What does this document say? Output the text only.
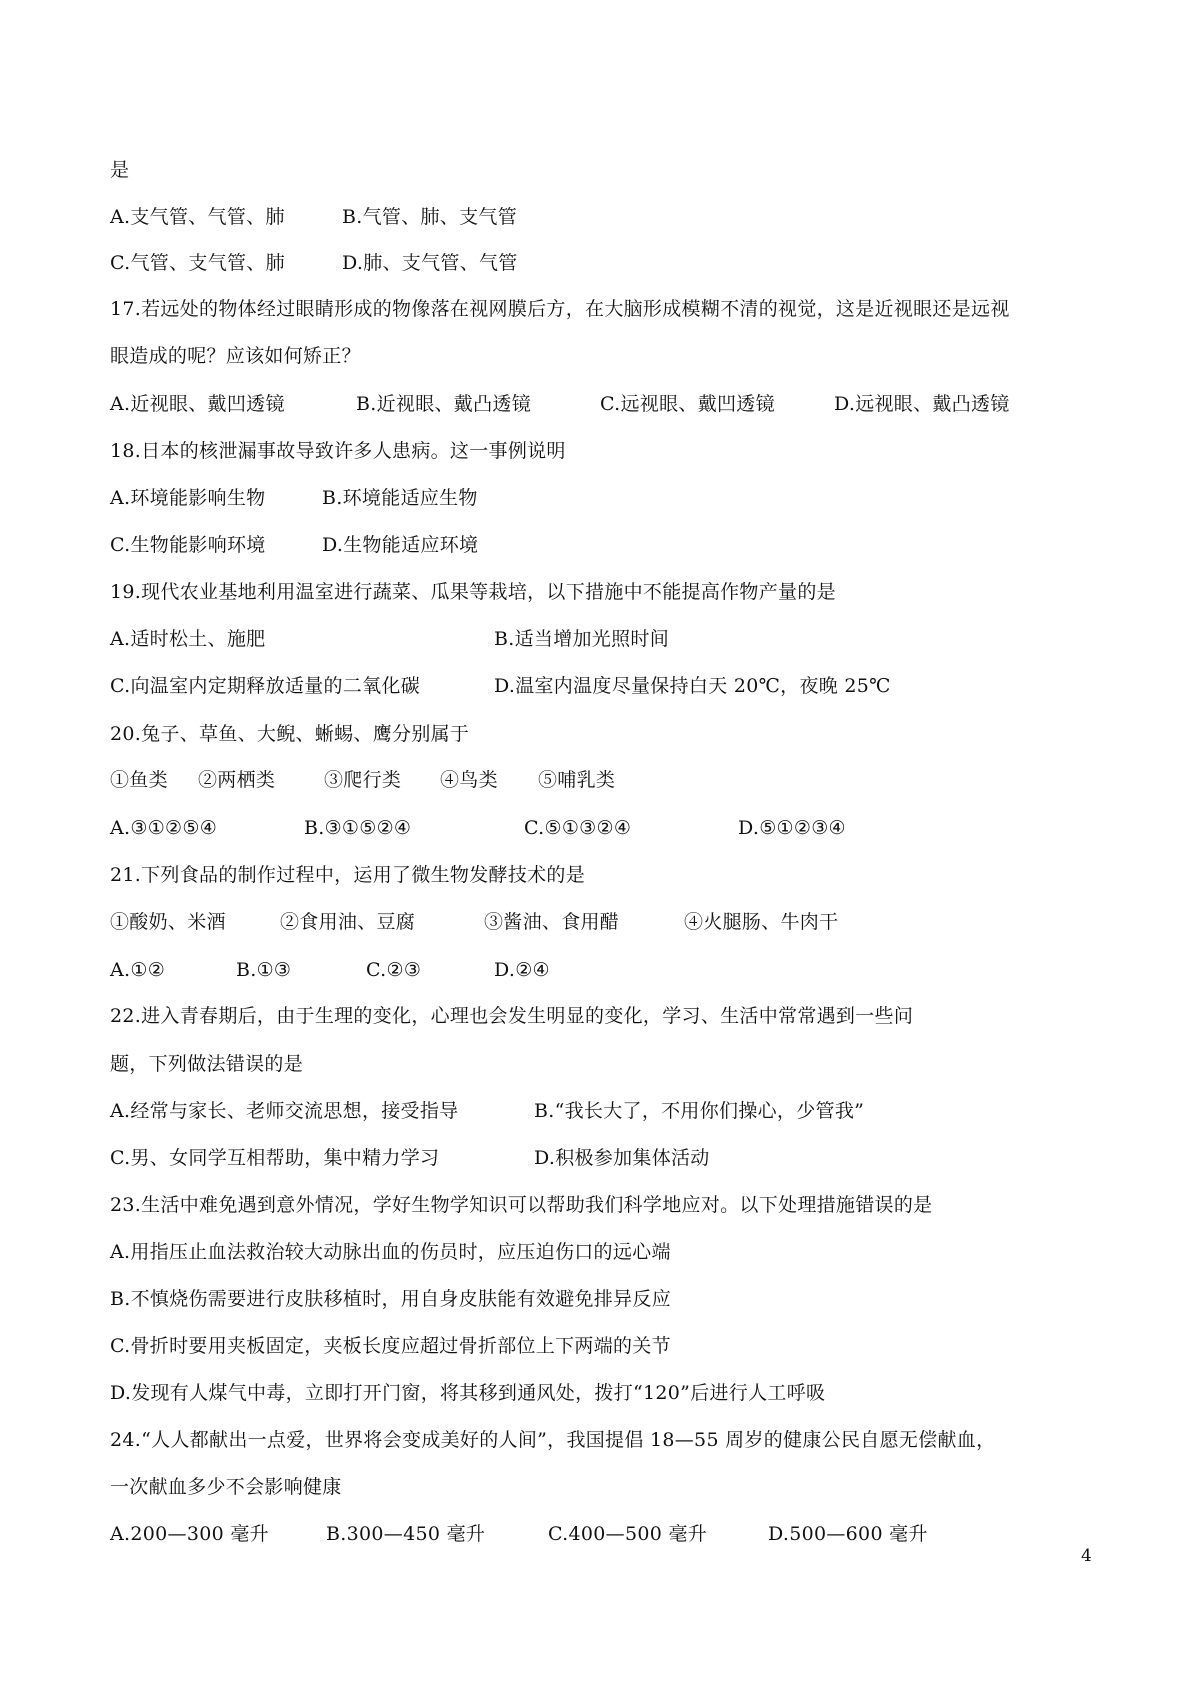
是
A.支气管、气管、肺	B.气管、肺、支气管
C.气管、支气管、肺	D.肺、支气管、气管
17.若远处的物体经过眼睛形成的物像落在视网膜后方，在大脑形成模糊不清的视觉，这是近视眼还是远视
眼造成的呢？应该如何矫正？
A.近视眼、戴凹透镜	B.近视眼、戴凸透镜	C.远视眼、戴凹透镜	D.远视眼、戴凸透镜
18.日本的核泄漏事故导致许多人患病。这一事例说明
A.环境能影响生物	B.环境能适应生物
C.生物能影响环境	D.生物能适应环境
19.现代农业基地利用温室进行蔬菜、瓜果等栽培，以下措施中不能提高作物产量的是
A.适时松土、施肥	B.适当增加光照时间
C.向温室内定期释放适量的二氧化碳	D.温室内温度尽量保持白天 20℃，夜晚 25℃
20.兔子、草鱼、大鲵、蜥蜴、鹰分别属于
①鱼类 ②两栖类	③爬行类 ④鸟类 ⑤哺乳类
A.③①②⑤④	B.③①⑤②④	C.⑤①③②④	D.⑤①②③④
21.下列食品的制作过程中，运用了微生物发酵技术的是
①酸奶、米酒	②食用油、豆腐	③酱油、食用醋	④火腿肠、牛肉干
A.①②	B.①③	C.②③	D.②④
22.进入青春期后，由于生理的变化，心理也会发生明显的变化，学习、生活中常常遇到一些问
题，下列做法错误的是
A.经常与家长、老师交流思想，接受指导	B.“我长大了，不用你们操心，少管我”
C.男、女同学互相帮助，集中精力学习	D.积极参加集体活动
23.生活中难免遇到意外情况，学好生物学知识可以帮助我们科学地应对。以下处理措施错误的是
A.用指压止血法救治较大动脉出血的伤员时，应压迫伤口的远心端
B.不慎烧伤需要进行皮肤移植时，用自身皮肤能有效避免排异反应
C.骨折时要用夹板固定，夹板长度应超过骨折部位上下两端的关节
D.发现有人煤气中毒，立即打开门窗，将其移到通风处，拨打“120”后进行人工呼吸
24.“人人都献出一点爱，世界将会变成美好的人间”，我国提倡 18—55 周岁的健康公民自愿无偿献血，
一次献血多少不会影响健康
A.200—300 毫升	B.300—450 毫升	C.400—500 毫升	D.500—600 毫升
4
